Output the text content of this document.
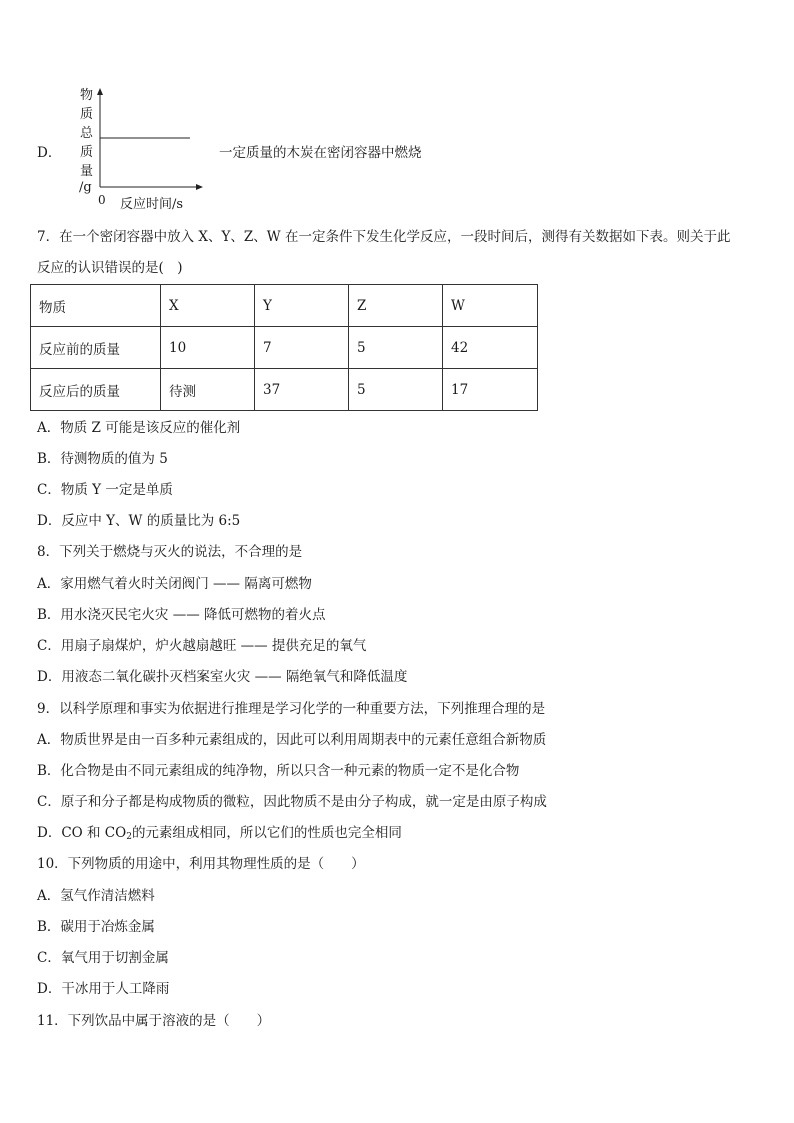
D．
物
质
总
质
量
/g
0 反应时间/s
一定质量的木炭在密闭容器中燃烧
7．在一个密闭容器中放入 X、Y、Z、W 在一定条件下发生化学反应，一段时间后，测得有关数据如下表。则关于此
反应的认识错误的是(　)
物质	X	Y	Z	W
反应前的质量	10	7	5	42
反应后的质量	待测	37	5	17
A．物质 Z 可能是该反应的催化剂
B．待测物质的值为 5
C．物质 Y 一定是单质
D．反应中 Y、W 的质量比为 6:5
8．下列关于燃烧与灭火的说法，不合理的是
A．家用燃气着火时关闭阀门 —— 隔离可燃物
B．用水浇灭民宅火灾 —— 降低可燃物的着火点
C．用扇子扇煤炉，炉火越扇越旺 —— 提供充足的氧气
D．用液态二氧化碳扑灭档案室火灾 —— 隔绝氧气和降低温度
9．以科学原理和事实为依据进行推理是学习化学的一种重要方法，下列推理合理的是
A．物质世界是由一百多种元素组成的，因此可以利用周期表中的元素任意组合新物质
B．化合物是由不同元素组成的纯净物，所以只含一种元素的物质一定不是化合物
C．原子和分子都是构成物质的微粒，因此物质不是由分子构成，就一定是由原子构成
D．CO 和 $CO_2$的元素组成相同，所以它们的性质也完全相同
10．下列物质的用途中，利用其物理性质的是（　　）
A．氢气作清洁燃料
B．碳用于冶炼金属
C．氧气用于切割金属
D．干冰用于人工降雨
11．下列饮品中属于溶液的是（　　）
